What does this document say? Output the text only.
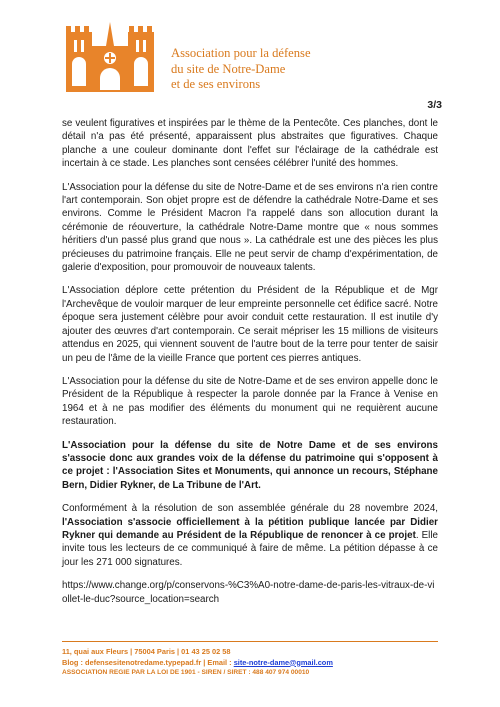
Association pour la défense
du site de Notre-Dame
et de ses environs
3/3

se veulent figuratives et inspirées par le thème de la Pentecôte. Ces planches, dont le détail n'a pas été présenté, apparaissent plus abstraites que figuratives. Chaque planche a une couleur dominante dont l'effet sur l'éclairage de la cathédrale est incertain à ce stade. Les planches sont censées célébrer l'unité des hommes.

L'Association pour la défense du site de Notre-Dame et de ses environs n'a rien contre l'art contemporain. Son objet propre est de défendre la cathédrale Notre-Dame et ses environs. Comme le Président Macron l'a rappelé dans son allocution durant la cérémonie de réouverture, la cathédrale Notre-Dame montre que « nous sommes héritiers d'un passé plus grand que nous ». La cathédrale est une des pièces les plus précieuses du patrimoine français. Elle ne peut servir de champ d'expérimentation, de galerie d'exposition, pour promouvoir de nouveaux talents.

L'Association déplore cette prétention du Président de la République et de Mgr l'Archevêque de vouloir marquer de leur empreinte personnelle cet édifice sacré. Notre époque sera justement célèbre pour avoir conduit cette restauration. Il est inutile d'y ajouter des œuvres d'art contemporain. Ce serait mépriser les 15 millions de visiteurs attendus en 2025, qui viennent souvent de l'autre bout de la terre pour tenter de saisir un peu de l'âme de la vieille France que portent ces pierres antiques.

L'Association pour la défense du site de Notre-Dame et de ses environ appelle donc le Président de la République à respecter la parole donnée par la France à Venise en 1964 et à ne pas modifier des éléments du monument qui ne requièrent aucune restauration.

L'Association pour la défense du site de Notre Dame et de ses environs s'associe donc aux grandes voix de la défense du patrimoine qui s'opposent à ce projet : l'Association Sites et Monuments, qui annonce un recours, Stéphane Bern, Didier Rykner, de La Tribune de l'Art.

Conformément à la résolution de son assemblée générale du 28 novembre 2024, l'Association s'associe officiellement à la pétition publique lancée par Didier Rykner qui demande au Président de la République de renoncer à ce projet. Elle invite tous les lecteurs de ce communiqué à faire de même. La pétition dépasse à ce jour les 271 000 signatures.

https://www.change.org/p/conservons-%C3%A0-notre-dame-de-paris-les-vitraux-de-viollet-le-duc?source_location=search

11, quai aux Fleurs | 75004 Paris | 01 43 25 02 58
Blog : defensesitenotredame.typepad.fr | Email : site-notre-dame@gmail.com
ASSOCIATION REGIE PAR LA LOI DE 1901 - SIREN / SIRET : 488 407 974 00010
